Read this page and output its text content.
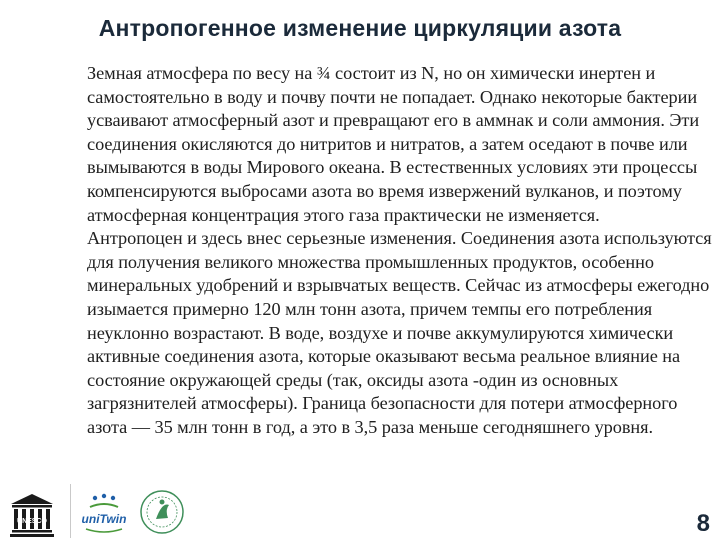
Антропогенное изменение циркуляции азота

Земная атмосфера по весу на ¾ состоит из N, но он химически инертен и самостоятельно в воду и почву почти не попадает. Однако некоторые бактерии усваивают атмосферный азот и превращают его в аммнак и соли аммония. Эти соединения окисляются до нитритов и нитратов, а затем оседают в почве или вымываются в воды Мирового океана. В естественных условиях эти процессы компенсируются выбросами азота во время извержений вулканов, и поэтому атмосферная концентрация этого газа практически не изменяется.

Антропоцен и здесь внес серьезные изменения. Соединения азота используются для получения великого множества промышленных продуктов, особенно минеральных удобрений и взрывчатых веществ. Сейчас из атмосферы ежегодно изымается примерно 120 млн тонн азота, причем темпы его потребления неуклонно возрастают. В воде, воздухе и почве аккумулируются химически активные соединения азота, которые оказывают весьма реальное влияние на состояние окружающей среды (так, оксиды азота -один из основных загрязнителей атмосферы). Граница безопасности для потери атмосферного азота — 35 млн тонн в год, а это в 3,5 раза меньше сегодняшнего уровня.

UNESCO	uniTwin	8
